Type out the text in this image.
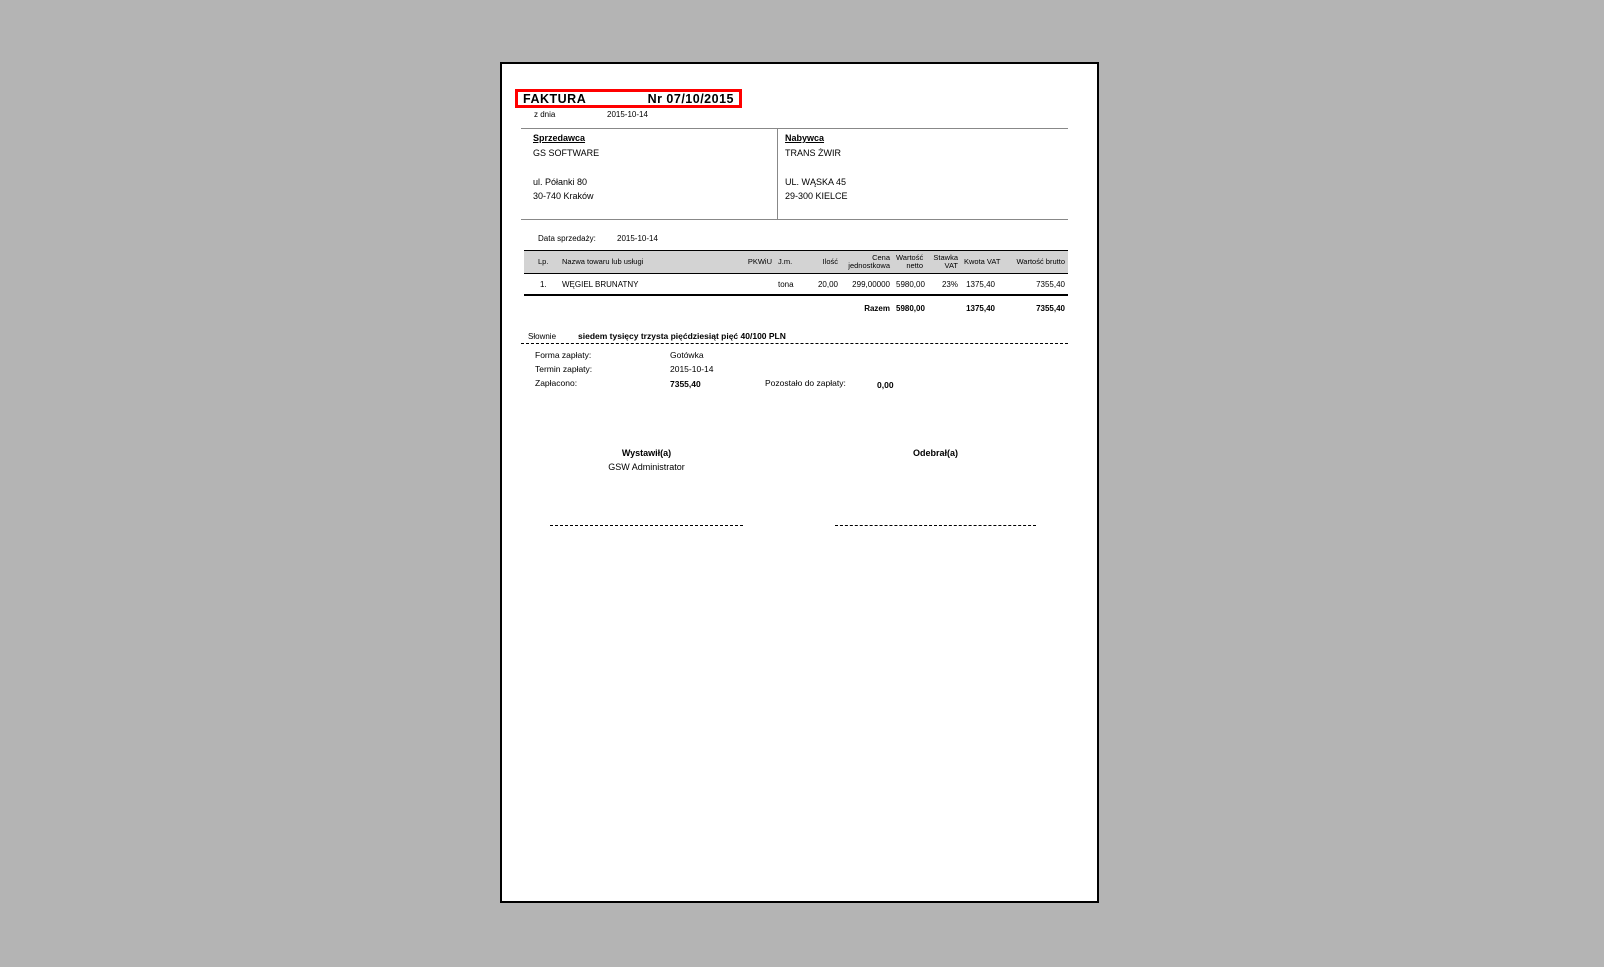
FAKTURA	Nr 07/10/2015
z dnia	2015-10-14
Sprzedawca
GS SOFTWARE
ul. Półanki 80
30-740 Kraków
Nabywca
TRANS ŻWIR
UL. WĄSKA 45
29-300 KIELCE
Data sprzedaży:	2015-10-14
Lp.	Nazwa towaru lub usługi	PKWiU	J.m.	Ilość	Cena jednostkowa	Wartość netto	Stawka VAT	Kwota VAT	Wartość brutto
1.	WĘGIEL BRUNATNY		tona	20,00	299,00000	5980,00	23%	1375,40	7355,40
					Razem	5980,00		1375,40	7355,40
Słownie	siedem tysięcy trzysta pięćdziesiąt pięć 40/100 PLN
Forma zapłaty:	Gotówka
Termin zapłaty:	2015-10-14
Zapłacono:	7355,40	Pozostało do zapłaty:	0,00
Wystawił(a)
GSW Administrator
Odebrał(a)
